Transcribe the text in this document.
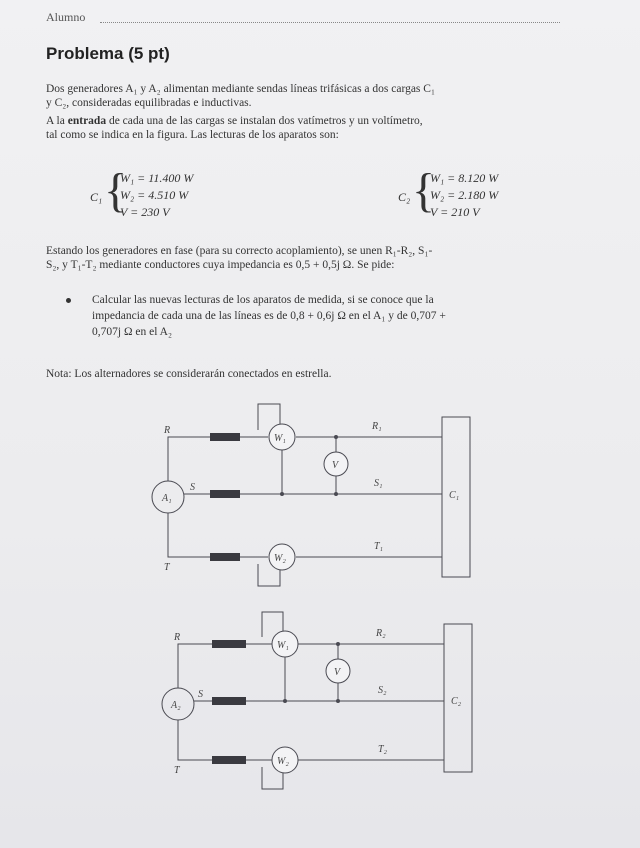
Alumno
Problema (5 pt)
Dos generadores A₁ y A₂ alimentan mediante sendas líneas trifásicas a dos cargas C₁
y C₂, consideradas equilibradas e inductivas.
A la entrada de cada una de las cargas se instalan dos vatímetros y un voltímetro,
tal como se indica en la figura. Las lecturas de los aparatos son:
C₁ {
W₁ = 11.400 W
W₂ = 4.510 W
V = 230 V
C₂ {
W₁ = 8.120 W
W₂ = 2.180 W
V = 210 V
Estando los generadores en fase (para su correcto acoplamiento), se unen R₁-R₂, S₁-
S₂, y T₁-T₂ mediante conductores cuya impedancia es 0,5 + 0,5j Ω. Se pide:
Calcular las nuevas lecturas de los aparatos de medida, si se conoce que la
impedancia de cada una de las líneas es de 0,8 + 0,6j Ω en el A₁ y de 0,707 +
0,707j Ω en el A₂
Nota: Los alternadores se considerarán conectados en estrella.
A₁
R
S
T
W₁
W₂
V
R₁
S₁
T₁
C₁
A₂
R
S
T
W₁
W₂
V
R₂
S₂
T₂
C₂
